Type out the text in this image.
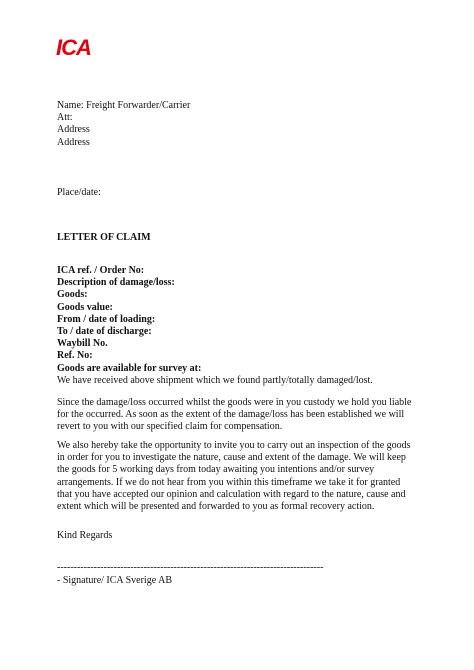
ICA
Name: Freight Forwarder/Carrier
Att:
Address
Address
Place/date:
LETTER OF CLAIM
ICA ref. / Order No:
Description of damage/loss:
Goods:
Goods value:
From / date of loading:
To / date of discharge:
Waybill No.
Ref. No:
Goods are available for survey at:
We have received above shipment which we found partly/totally damaged/lost.
Since the damage/loss occurred whilst the goods were in you custody we hold you liable for the occurred. As soon as the extent of the damage/loss has been established we will revert to you with our specified claim for compensation.
We also hereby take the opportunity to invite you to carry out an inspection of the goods in order for you to investigate the nature, cause and extent of the damage. We will keep the goods for 5 working days from today awaiting you intentions and/or survey arrangements. If we do not hear from you within this timeframe we take it for granted that you have accepted our opinion and calculation with regard to the nature, cause and extent which will be presented and forwarded to you as formal recovery action.
Kind Regards
--------------------------------------------------------------------------------
- Signature/ ICA Sverige AB
